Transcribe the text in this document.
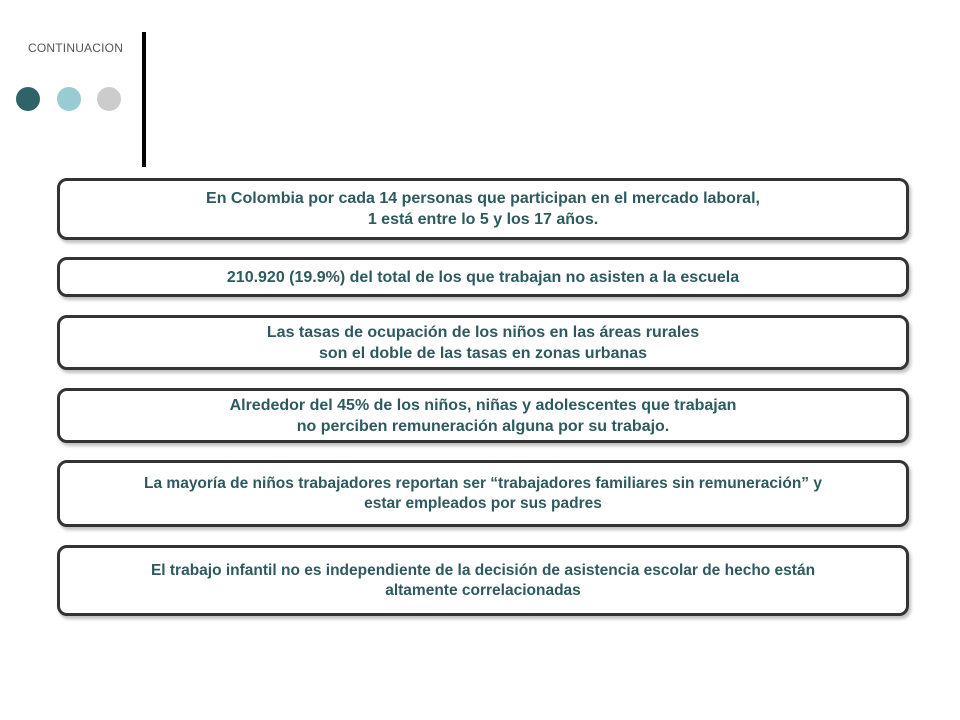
CONTINUACION
En Colombia por cada 14 personas que participan en el mercado laboral,
1 está entre lo 5 y los 17 años.
210.920 (19.9%) del total de los que trabajan no asisten a la escuela
Las tasas de ocupación de los niños en las áreas rurales
son el doble de las tasas en zonas urbanas
Alrededor del 45% de los niños, niñas y adolescentes que trabajan
no perciben remuneración alguna por su trabajo.
La mayoría de niños trabajadores reportan ser “trabajadores familiares sin remuneración” y
estar empleados por sus padres
El trabajo infantil no es independiente de la decisión de asistencia escolar de hecho están
altamente correlacionadas
